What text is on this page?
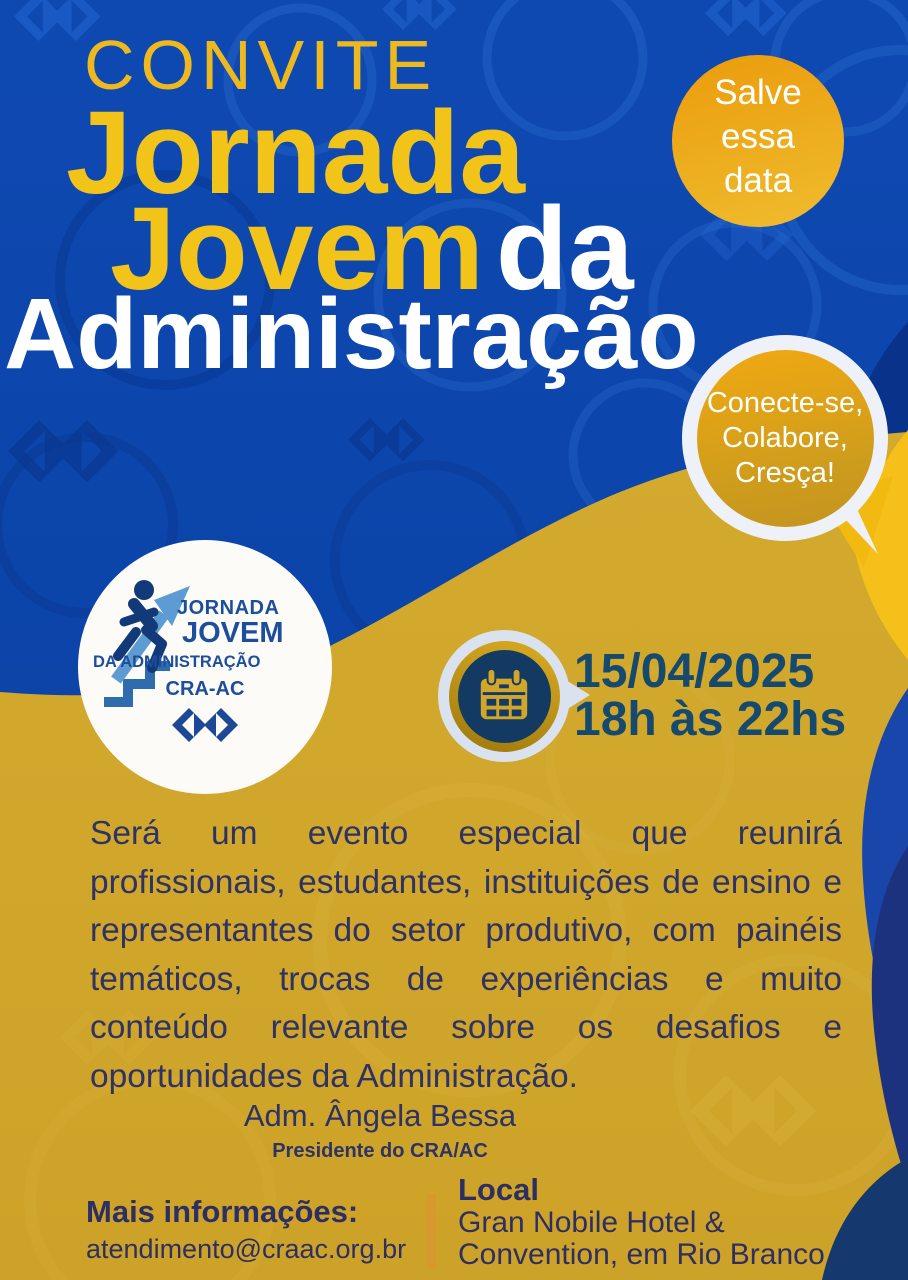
CONVITE
Jornada
Jovem da
Administração
Salve
essa
data
Conecte-se,
Colabore,
Cresça!
JORNADA
JOVEM
DA ADMINISTRAÇÃO
CRA-AC	15/04/2025
18h às 22hs
Será um evento especial que reunirá profissionais, estudantes, instituições de ensino e representantes do setor produtivo, com painéis temáticos, trocas de experiências e muito conteúdo relevante sobre os desafios e oportunidades da Administração.
Adm. Ângela Bessa
Presidente do CRA/AC
Mais informações:
atendimento@craac.org.br
Local
Gran Nobile Hotel &
Convention, em Rio Branco.
